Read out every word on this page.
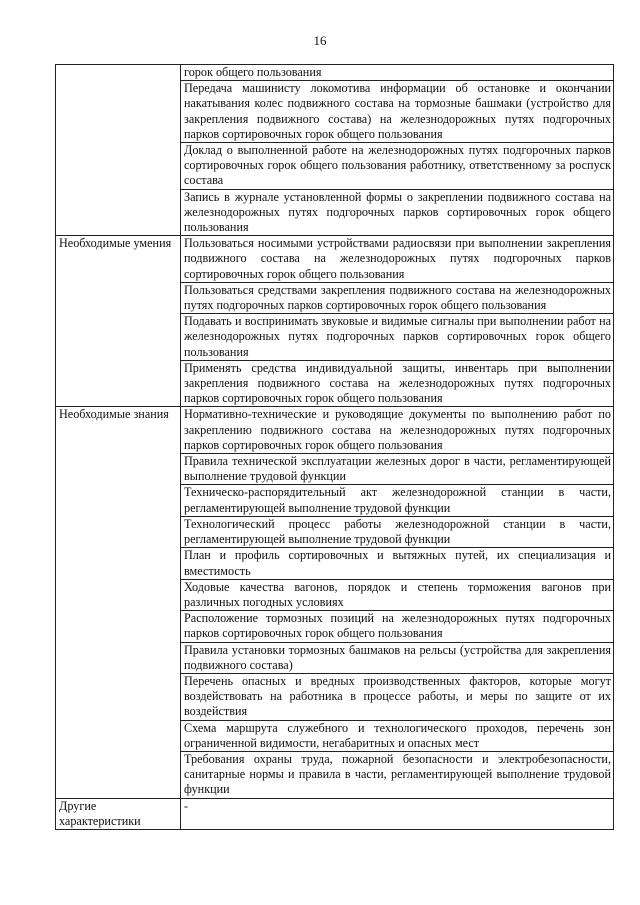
16
	горок общего пользования
	Передача машинисту локомотива информации об остановке и окончании накатывания колес подвижного состава на тормозные башмаки (устройство для закрепления подвижного состава) на железнодорожных путях подгорочных парков сортировочных горок общего пользования
	Доклад о выполненной работе на железнодорожных путях подгорочных парков сортировочных горок общего пользования работнику, ответственному за роспуск состава
	Запись в журнале установленной формы о закреплении подвижного состава на железнодорожных путях подгорочных парков сортировочных горок общего пользования
Необходимые умения	Пользоваться носимыми устройствами радиосвязи при выполнении закрепления подвижного состава на железнодорожных путях подгорочных парков сортировочных горок общего пользования
	Пользоваться средствами закрепления подвижного состава на железнодорожных путях подгорочных парков сортировочных горок общего пользования
	Подавать и воспринимать звуковые и видимые сигналы при выполнении работ на железнодорожных путях подгорочных парков сортировочных горок общего пользования
	Применять средства индивидуальной защиты, инвентарь при выполнении закрепления подвижного состава на железнодорожных путях подгорочных парков сортировочных горок общего пользования
Необходимые знания	Нормативно-технические и руководящие документы по выполнению работ по закреплению подвижного состава на железнодорожных путях подгорочных парков сортировочных горок общего пользования
	Правила технической эксплуатации железных дорог в части, регламентирующей выполнение трудовой функции
	Техническо-распорядительный акт железнодорожной станции в части, регламентирующей выполнение трудовой функции
	Технологический процесс работы железнодорожной станции в части, регламентирующей выполнение трудовой функции
	План и профиль сортировочных и вытяжных путей, их специализация и вместимость
	Ходовые качества вагонов, порядок и степень торможения вагонов при различных погодных условиях
	Расположение тормозных позиций на железнодорожных путях подгорочных парков сортировочных горок общего пользования
	Правила установки тормозных башмаков на рельсы (устройства для закрепления подвижного состава)
	Перечень опасных и вредных производственных факторов, которые могут воздействовать на работника в процессе работы, и меры по защите от их воздействия
	Схема маршрута служебного и технологического проходов, перечень зон ограниченной видимости, негабаритных и опасных мест
	Требования охраны труда, пожарной безопасности и электробезопасности, санитарные нормы и правила в части, регламентирующей выполнение трудовой функции
Другие характеристики	-
